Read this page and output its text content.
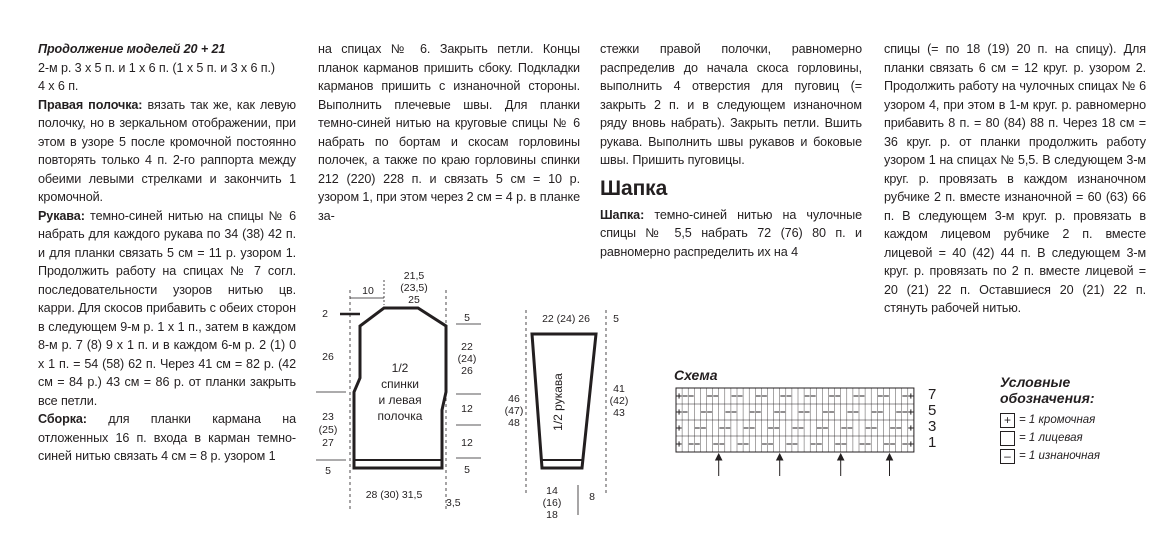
Продолжение моделей 20 + 21

2-м р. 3 x 5 п. и 1 x 6 п. (1 x 5 п. и 3 x 6 п.)

4 x 6 п.

Правая полочка: вязать так же, как левую полочку, но в зеркальном отображении, при этом в узоре 5 после кромочной постоянно повторять только 4 п. 2-го раппорта между обеими левыми стрелками и закончить 1 кромочной.

Рукава: темно-синей нитью на спицы № 6 набрать для каждого рукава по 34 (38) 42 п. и для планки связать 5 см = 11 р. узором 1. Продолжить работу на спицах № 7 согл. последовательности узоров нитью цв. карри. Для скосов прибавить с обеих сторон в следующем 9-м р. 1 x 1 п., затем в каждом 8-м р. 7 (8) 9 x 1 п. и в каждом 6-м р. 2 (1) 0 x 1 п. = 54 (58) 62 п. Через 41 см = 82 р. (42 см = 84 р.) 43 см = 86 р. от планки закрыть все петли.

Сборка: для планки кармана на отложенных 16 п. входа в карман темно-синей нитью связать 4 см = 8 р. узором 1

на спицах № 6. Закрыть петли. Концы планок карманов пришить сбоку. Подкладки карманов пришить с изнаночной стороны. Выполнить плечевые швы. Для планки темно-синей нитью на круговые спицы № 6 набрать по бортам и скосам горловины полочек, а также по краю горловины спинки 212 (220) 228 п. и связать 5 см = 10 р. узором 1, при этом через 2 см = 4 р. в планке за-

стежки правой полочки, равномерно распределив до начала скоса горловины, выполнить 4 отверстия для пуговиц (= закрыть 2 п. и в следующем изнаночном ряду вновь набрать). Закрыть петли. Вшить рукава. Выполнить швы рукавов и боковые швы. Пришить пуговицы.

Шапка

Шапка: темно-синей нитью на чулочные спицы № 5,5 набрать 72 (76) 80 п. и равномерно распределить их на 4

спицы (= по 18 (19) 20 п. на спицу). Для планки связать 6 см = 12 круг. р. узором 2. Продолжить работу на чулочных спицах № 6 узором 4, при этом в 1-м круг. р. равномерно прибавить 8 п. = 80 (84) 88 п. Через 18 см = 36 круг. р. от планки продолжить работу узором 1 на спицах № 5,5. В следующем 3-м круг. р. провязать в каждом изнаночном рубчике 2 п. вместе изнаночной = 60 (63) 66 п. В следующем 3-м круг. р. провязать в каждом лицевом рубчике 2 п. вместе лицевой = 40 (42) 44 п. В следующем 3-м круг. р. провязать по 2 п. вместе лицевой = 20 (21) 22 п. Оставшиеся 20 (21) 22 п. стянуть рабочей нитью.

10
21,5
(23,5)
25
2
26
23
(25)
27
5
1/2
спинки
и левая
полочка
5
22
(24)
26
12
12
5
28 (30) 31,5
3,5
22 (24) 26 5
46
(47)
48	1/2 рукава	41
(42)
43
14
(16)
18
8
Схема
7
5
3
1
Условные
обозначения:
+ = 1 кромочная
= 1 лицевая
– = 1 изнаночная
